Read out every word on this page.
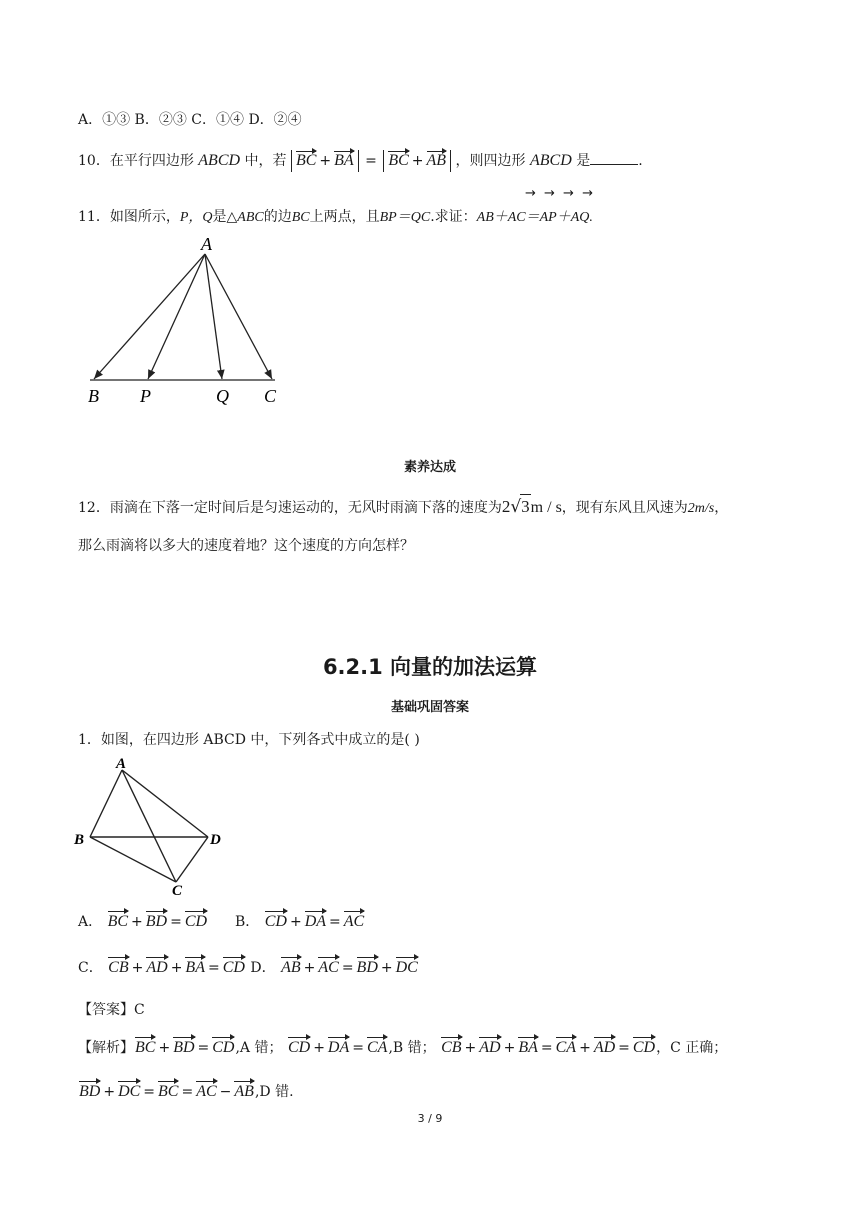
A．①③ B．②③ C．①④ D．②④
10．在平行四边形 ABCD 中，若 BC + BA = BC + AB ，则四边形 ABCD 是	.
→ → → →
11．如图所示，P，Q是△ABC的边BC上两点，且BP＝QC.求证：AB＋AC＝AP＋AQ.
A
B P	Q C
素养达成
12．雨滴在下落一定时间后是匀速运动的，无风时雨滴下落的速度为2√3m / s，现有东风且风速为2m/s，
那么雨滴将以多大的速度着地？这个速度的方向怎样？
6.2.1 向量的加法运算
基础巩固答案
1．如图，在四边形 ABCD 中，下列各式中成立的是( )
A
B
C
D
A． BC + BD = CD B． CD + DA = AC
C． CB + AD + BA = CD D． AB + AC = BD + DC
【答案】C
【解析】BC + BD = CD,A 错； CD + DA = CA,B 错； CB + AD + BA = CA + AD = CD，C 正确；
BD + DC = BC = AC − AB,D 错.
3 / 9
